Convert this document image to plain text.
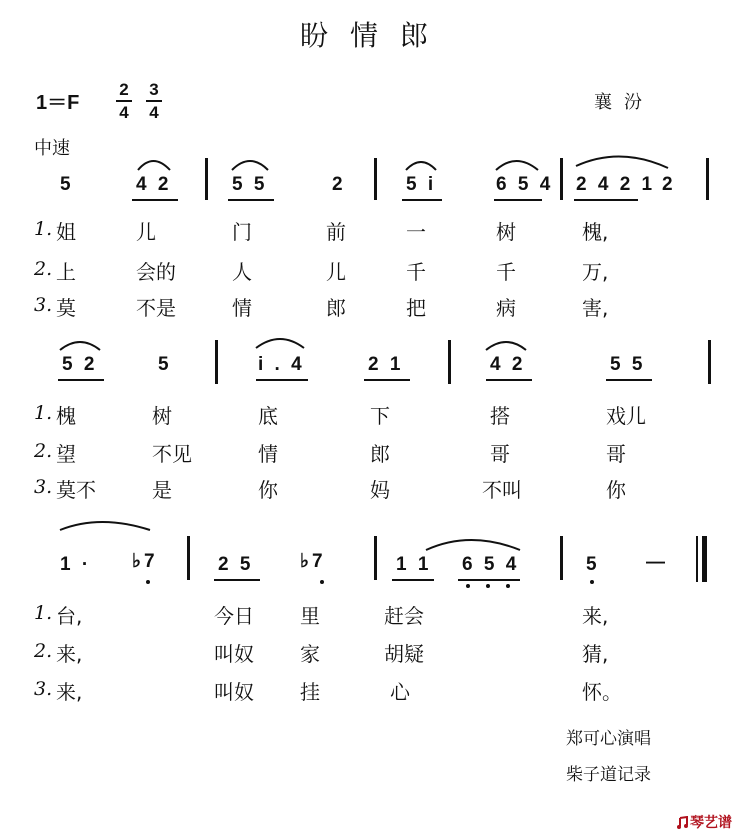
盼情郎
1＝F
2
4
3
4	襄汾
中速
5	4 2	5 5	2	5 i	6 5 4 2 4 2 1 2
1. 姐	儿	门	前	一	树	槐,
2. 上	会的	人	儿	千	千	万,
3. 莫	不是	情	郎	把	病	害,
5 2	5	i . 4	2 1	4 2	5 5
1. 槐	树	底	下	搭	戏儿
2. 望	不见	情	郎	哥	哥
3. 莫不	是	你	妈	不叫	你
1 · ♭7	2 5 ♭7	1 1 6 5 4	5 —
1. 台,	今日 里	赶会	来,
2. 来,	叫奴 家	胡疑	猜,
3. 来,	叫奴 挂	心	怀。
郑可心演唱
柴子道记录
琴艺谱
